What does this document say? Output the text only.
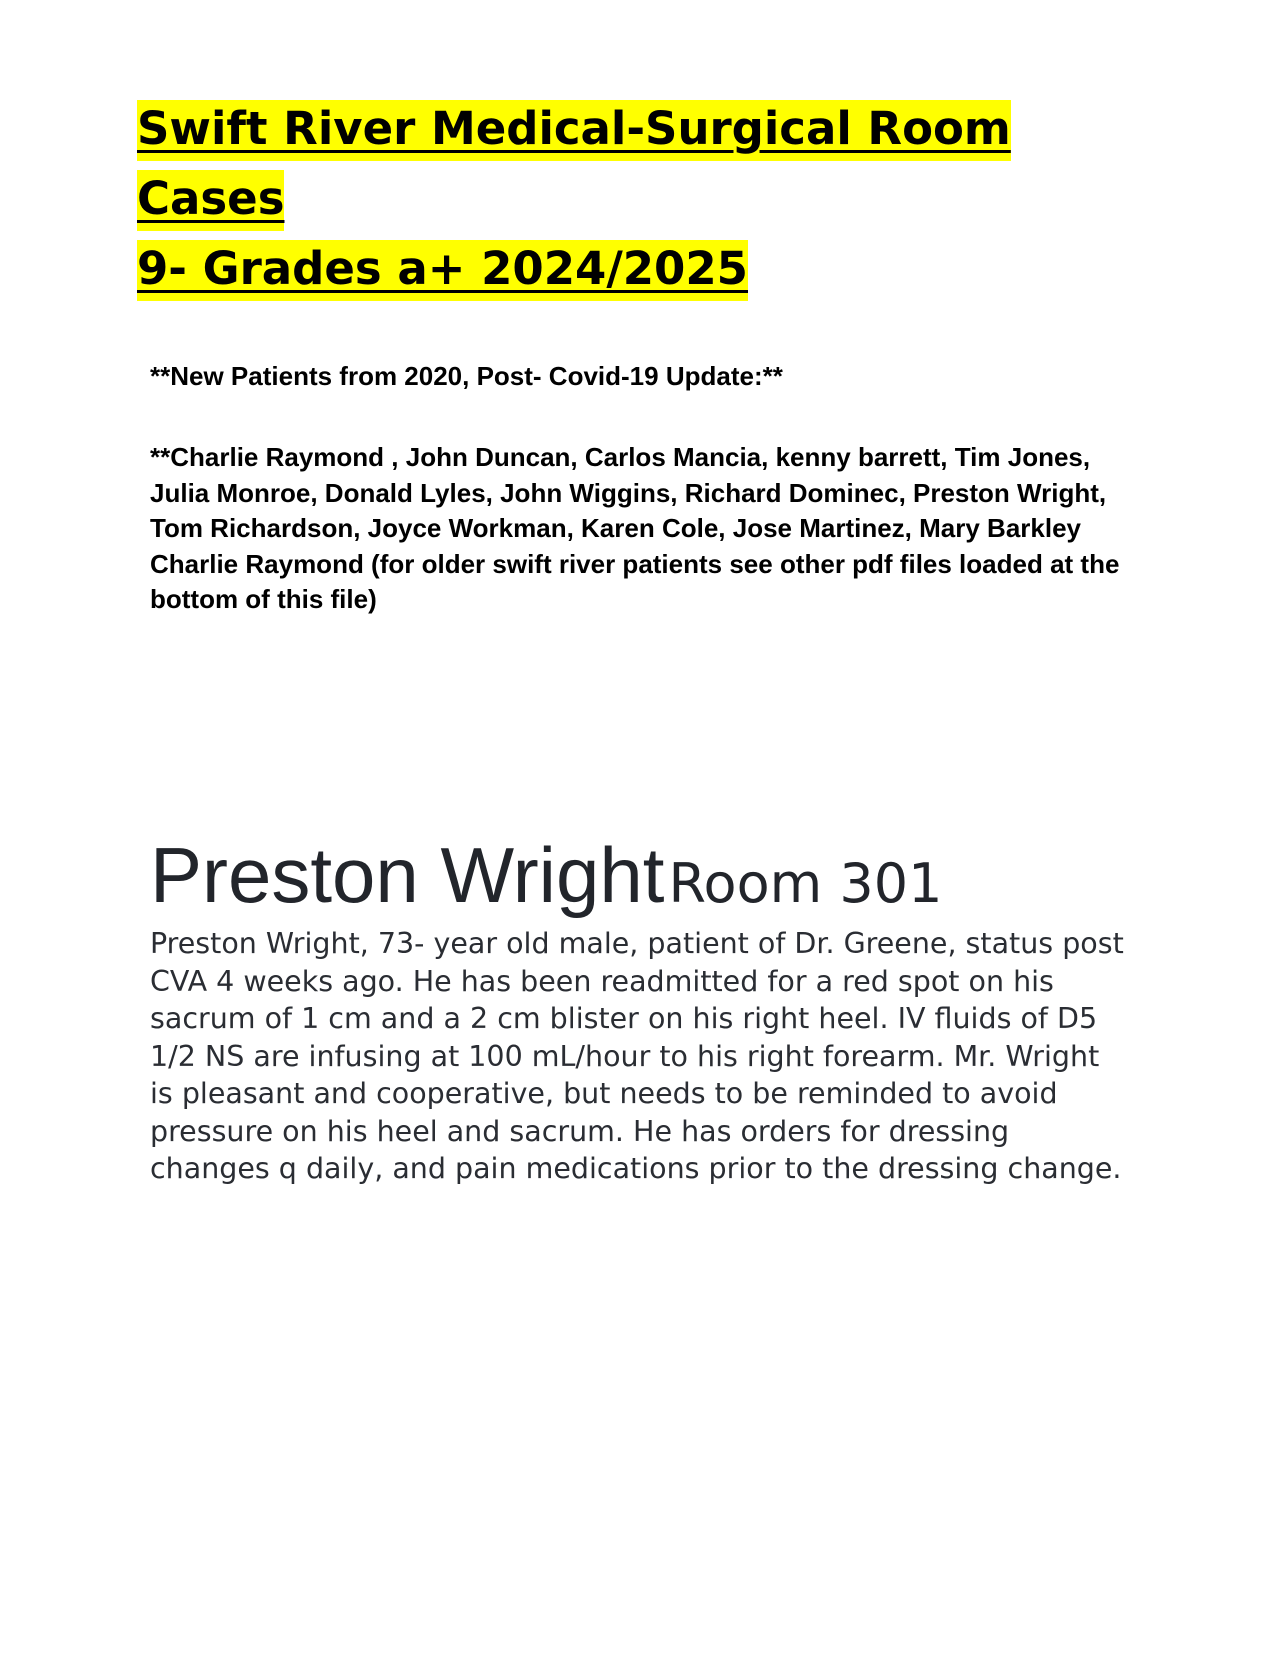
Swift River Medical-Surgical Room Cases
9- Grades a+ 2024/2025
**New Patients from 2020, Post- Covid-19 Update:**
**Charlie Raymond , John Duncan, Carlos Mancia, kenny barrett, Tim Jones, Julia Monroe, Donald Lyles, John Wiggins, Richard Dominec, Preston Wright, Tom Richardson, Joyce Workman, Karen Cole, Jose Martinez, Mary Barkley Charlie Raymond (for older swift river patients see other pdf files loaded at the bottom of this file)
Preston Wright Room 301
Preston Wright, 73- year old male, patient of Dr. Greene, status post CVA 4 weeks ago. He has been readmitted for a red spot on his sacrum of 1 cm and a 2 cm blister on his right heel. IV fluids of D5 1/2 NS are infusing at 100 mL/hour to his right forearm. Mr. Wright is pleasant and cooperative, but needs to be reminded to avoid pressure on his heel and sacrum. He has orders for dressing changes q daily, and pain medications prior to the dressing change.
